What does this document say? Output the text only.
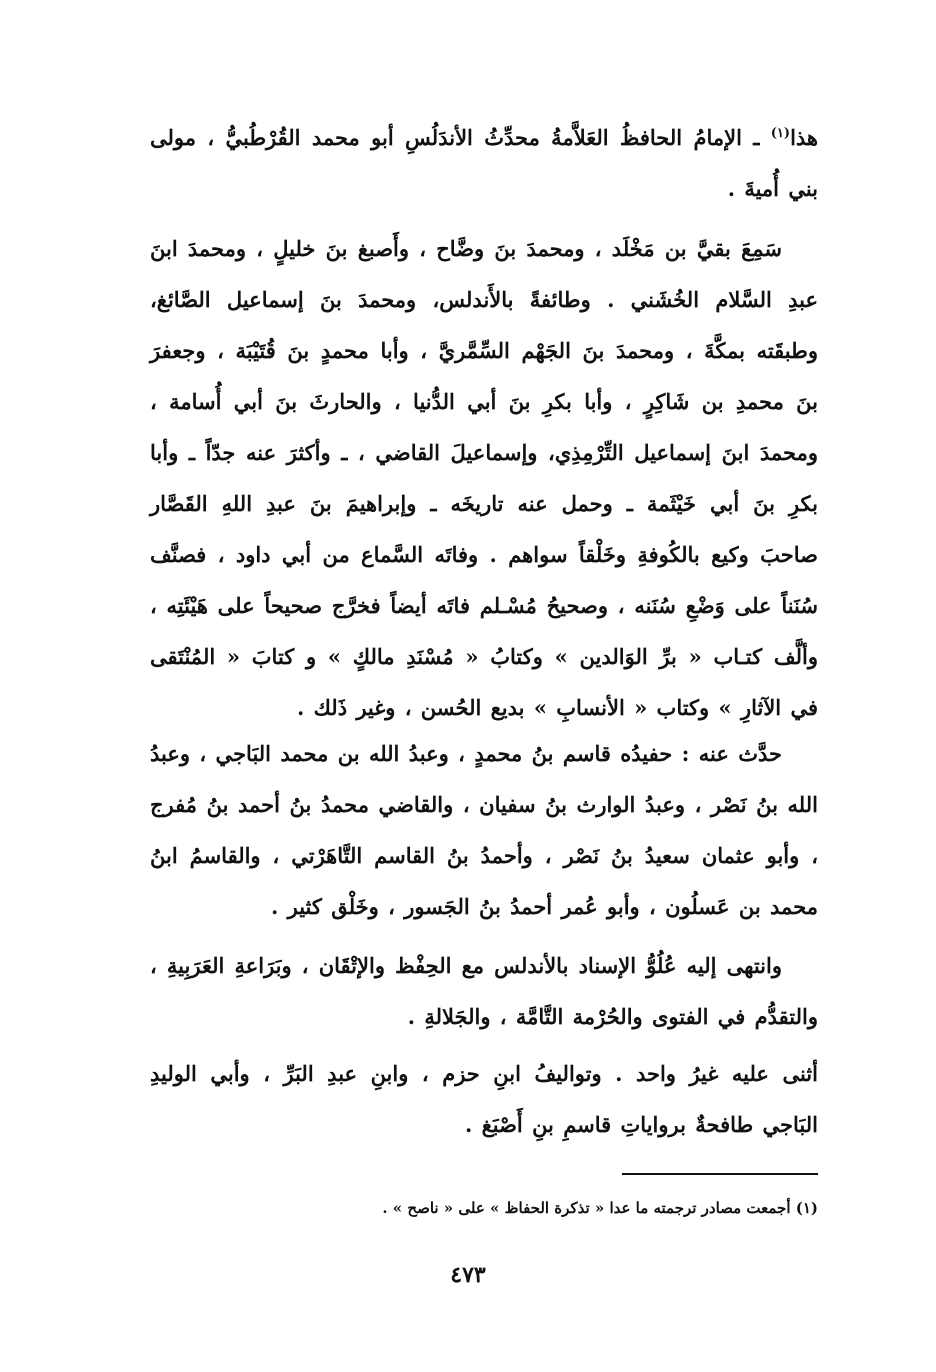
هذا$^{(١)}$ ـ الإمامُ الحافظُ العَلاَّمةُ محدِّثُ الأندَلُسِ أبو محمد القُرْطُبيُّ ، مولى بني أُميةَ .

سَمِعَ بقيَّ بن مَخْلَد ، ومحمدَ بنَ وضَّاح ، وأَصبغ بنَ خليلٍ ، ومحمدَ ابنَ عبدِ السَّلام الخُشَني . وطائفةً بالأَندلس، ومحمدَ بنَ إسماعيل الصَّائغ، وطبقَته بمكَّةَ ، ومحمدَ بنَ الجَهْم السِّمَّريَّ ، وأبا محمدٍ بنَ قُتَيْبَة ، وجعفرَ بنَ محمدِ بن شَاكِرٍ ، وأبا بكرِ بنَ أبي الدُّنيا ، والحارثَ بنَ أبي أُسامة ، ومحمدَ ابنَ إسماعيل التِّرْمِذِي، وإسماعيلَ القاضي ، ـ وأكثرَ عنه جدّاً ـ وأبا بكرِ بنَ أبي خَيْثَمة ـ وحمل عنه تاريخَه ـ وإبراهيمَ بنَ عبدِ اللهِ القَصَّار صاحبَ وكيع بالكُوفةِ وخَلْقاً سواهم . وفاتَه السَّماع من أبي داود ، فصنَّف سُنَناً على وَضْعِ سُنَنه ، وصحيحُ مُسْـلم فاتَه أيضاً فخرَّج صحيحاً على هَيْئَتِه ، وألَّف كتـاب « برِّ الوَالدين » وكتابُ « مُسْنَدِ مالكٍ » و كتابَ « المُنْتَقى في الآثارِ » وكتاب « الأنسابِ » بديع الحُسن ، وغير ذَلك .
حدَّث عنه : حفيدُه قاسم بنُ محمدٍ ، وعبدُ الله بن محمد البَاجي ، وعبدُ الله بنُ نَصْر ، وعبدُ الوارث بنُ سفيان ، والقاضي محمدُ بنُ أحمد بنُ مُفرج ، وأبو عثمان سعيدُ بنُ نَصْر ، وأحمدُ بنُ القاسم التَّاهَرْتي ، والقاسمُ ابنُ محمد بن عَسلُون ، وأبو عُمر أحمدُ بنُ الجَسور ، وخَلْق كثير .
وانتهى إليه عُلُوُّ الإسناد بالأندلس مع الحِفْظ والإتْقَان ، وبَرَاعةِ العَرَبِيةِ ، والتقدُّم في الفتوى والحُرْمة التَّامَّة ، والجَلالةِ .
أثنى عليه غيرُ واحد . وتواليفُ ابنِ حزم ، وابنِ عبدِ البَرِّ ، وأبي الوليدِ البَاجي طافحةٌ برواياتِ قاسمِ بنِ أَصْبَغ .
(١) أجمعت مصادر ترجمته ما عدا « تذكرة الحفاظ » على « ناصح » .
٤٧٣
